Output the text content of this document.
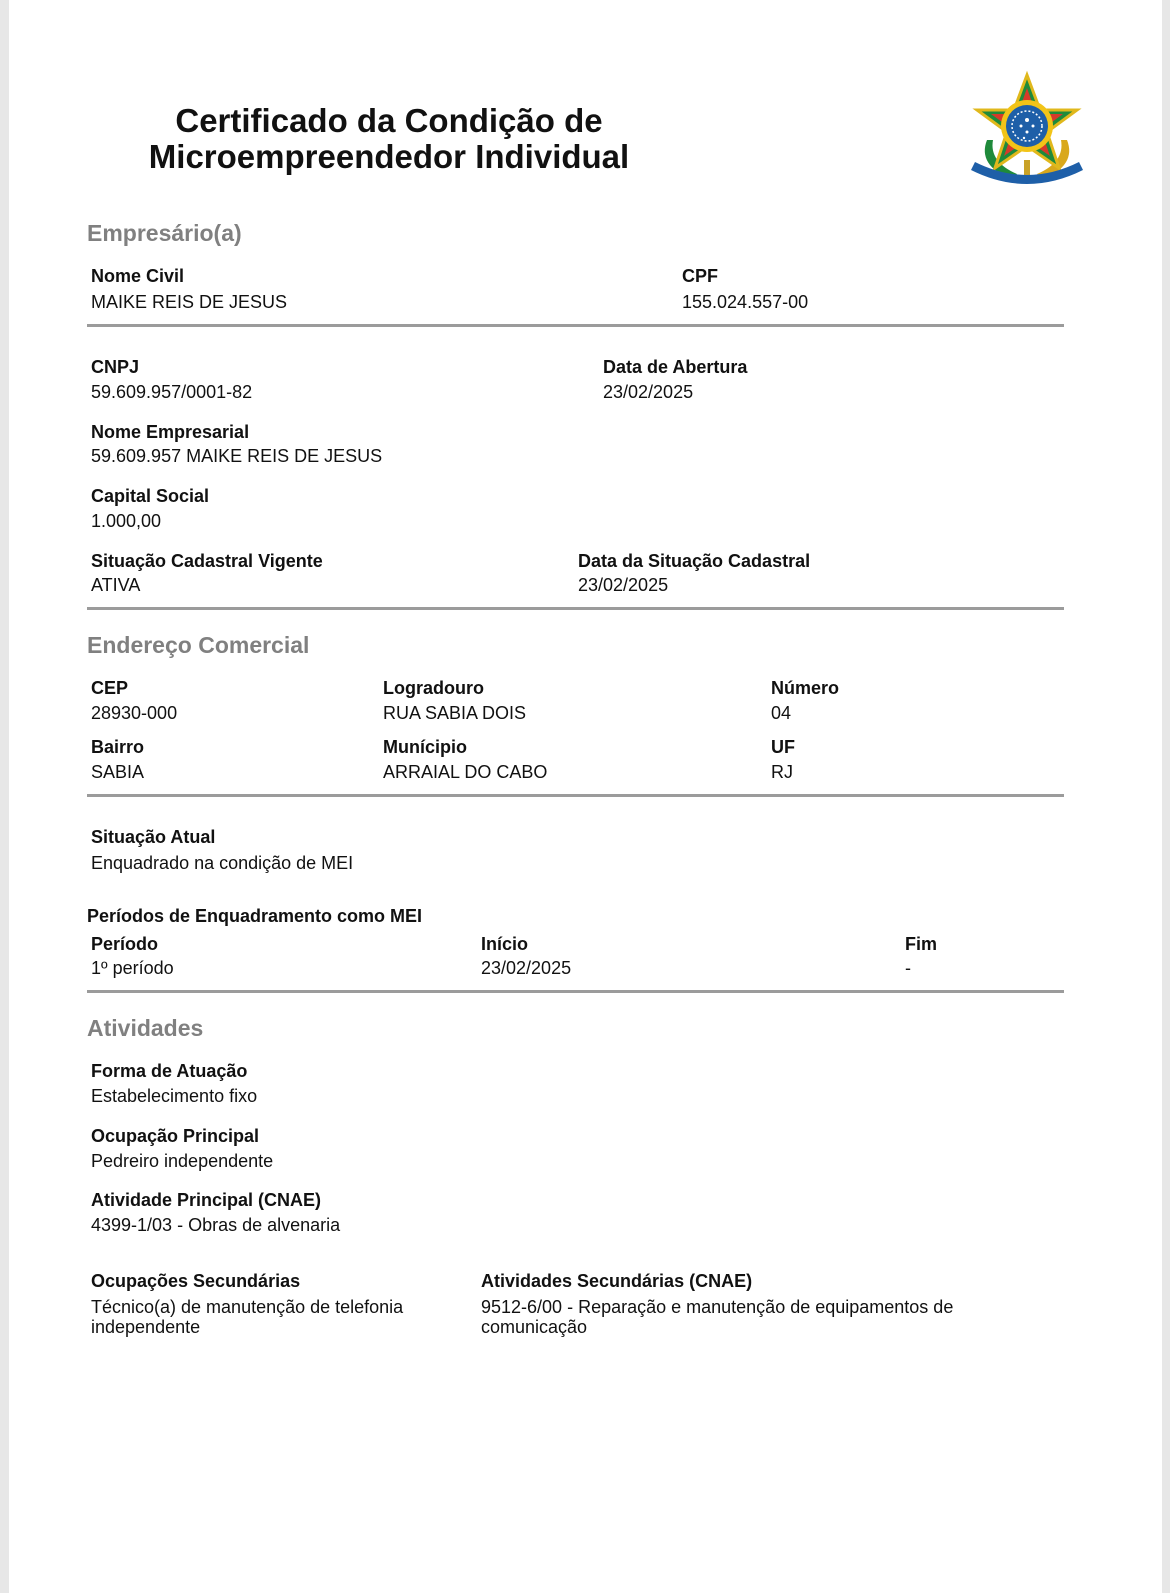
Certificado da Condição de
Microempreendedor Individual
Empresário(a)
Nome Civil
MAIKE REIS DE JESUS
CPF
155.024.557-00
CNPJ
59.609.957/0001-82
Data de Abertura
23/02/2025
Nome Empresarial
59.609.957 MAIKE REIS DE JESUS
Capital Social
1.000,00
Situação Cadastral Vigente
ATIVA
Data da Situação Cadastral
23/02/2025
Endereço Comercial
CEP
28930-000
Logradouro
RUA SABIA DOIS
Número
04
Bairro
SABIA
Munícipio
ARRAIAL DO CABO
UF
RJ
Situação Atual
Enquadrado na condição de MEI
Períodos de Enquadramento como MEI
Período	Início	Fim
1º período	23/02/2025	-
Atividades
Forma de Atuação
Estabelecimento fixo
Ocupação Principal
Pedreiro independente
Atividade Principal (CNAE)
4399-1/03 - Obras de alvenaria
Ocupações Secundárias
Técnico(a) de manutenção de telefonia independente
Atividades Secundárias (CNAE)
9512-6/00 - Reparação e manutenção de equipamentos de comunicação
